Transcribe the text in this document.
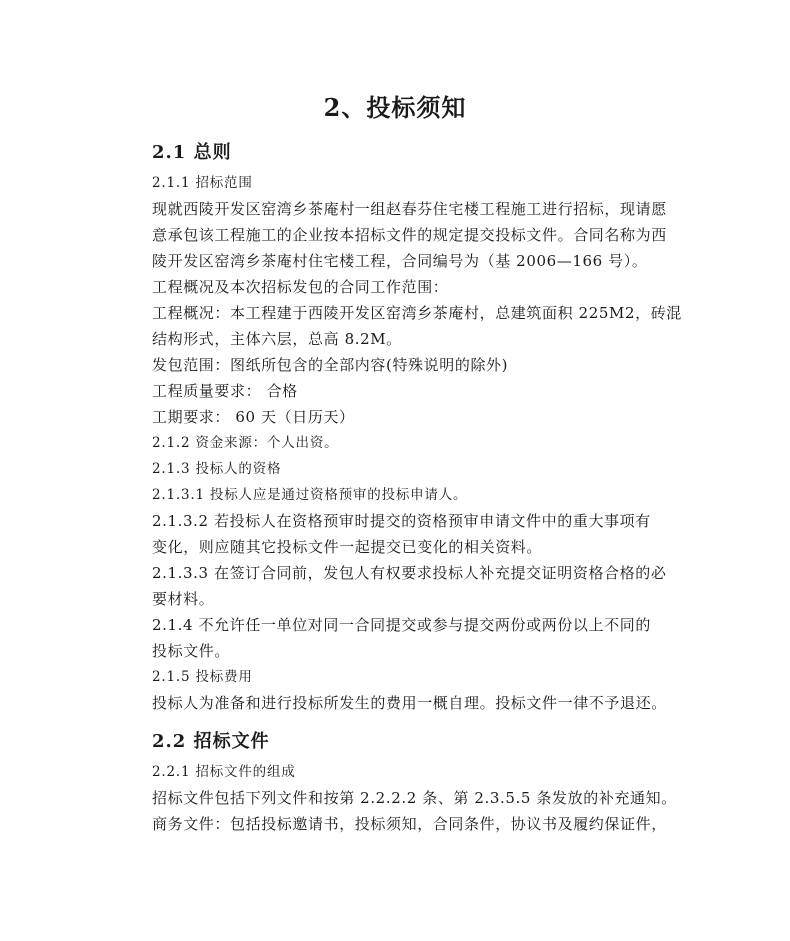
2、投标须知
2.1 总则
2.1.1 招标范围
现就西陵开发区窑湾乡茶庵村一组赵春芬住宅楼工程施工进行招标，现请愿
意承包该工程施工的企业按本招标文件的规定提交投标文件。合同名称为西
陵开发区窑湾乡茶庵村住宅楼工程，合同编号为（基 2006—166 号）。
工程概况及本次招标发包的合同工作范围：
工程概况：本工程建于西陵开发区窑湾乡茶庵村，总建筑面积 225M2，砖混
结构形式，主体六层，总高 8.2M。
发包范围：图纸所包含的全部内容(特殊说明的除外)
工程质量要求： 合格
工期要求： 60 天（日历天）
2.1.2 资金来源：个人出资。
2.1.3 投标人的资格
2.1.3.1 投标人应是通过资格预审的投标申请人。
2.1.3.2 若投标人在资格预审时提交的资格预审申请文件中的重大事项有
变化，则应随其它投标文件一起提交已变化的相关资料。
2.1.3.3 在签订合同前，发包人有权要求投标人补充提交证明资格合格的必
要材料。
2.1.4 不允许任一单位对同一合同提交或参与提交两份或两份以上不同的
投标文件。
2.1.5 投标费用
投标人为准备和进行投标所发生的费用一概自理。投标文件一律不予退还。
2.2 招标文件
2.2.1 招标文件的组成
招标文件包括下列文件和按第 2.2.2.2 条、第 2.3.5.5 条发放的补充通知。
商务文件：包括投标邀请书，投标须知，合同条件，协议书及履约保证件，
